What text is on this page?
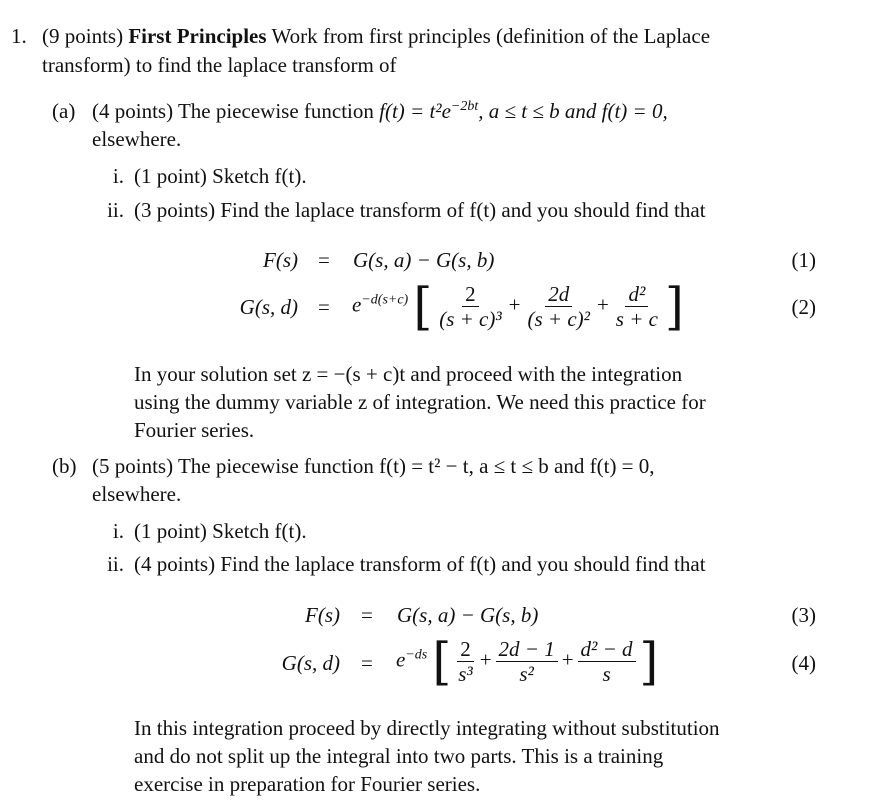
1. (9 points) First Principles Work from first principles (definition of the Laplace
transform) to find the laplace transform of
(a) (4 points) The piecewise function $f(t) = t^2e^{-2bt}$, a ≤ t ≤ b and f(t) = 0,
elsewhere.
i. (1 point) Sketch f(t).
ii. (3 points) Find the laplace transform of f(t) and you should find that
F(s) = G(s, a) − G(s, b)	(1)
G(s, $d) = e^{-d(s+c)}$ [ $\frac{2}{\text{(s + c)³}} + \frac{2d}{\text{(s + c)²}} + \frac{\text{d²}}{s + c}$ ]	(2)
In your solution set z = −(s + c)t and proceed with the integration
using the dummy variable z of integration. We need this practice for
Fourier series.
(b) (5 points) The piecewise function f(t) = t² − t, a ≤ t ≤ b and f(t) = 0,
elsewhere.
i. (1 point) Sketch f(t).
ii. (4 points) Find the laplace transform of f(t) and you should find that
F(s) = G(s, a) − G(s, b)	(3)
G(s, $d) = e^{-ds}$ [ $\frac{2}{\text{s³}} + \frac{2d - 1}{\text{s²}} + \frac{\text{d² − d}}{s}$ ]	(4)
In this integration proceed by directly integrating without substitution
and do not split up the integral into two parts. This is a training
exercise in preparation for Fourier series.
